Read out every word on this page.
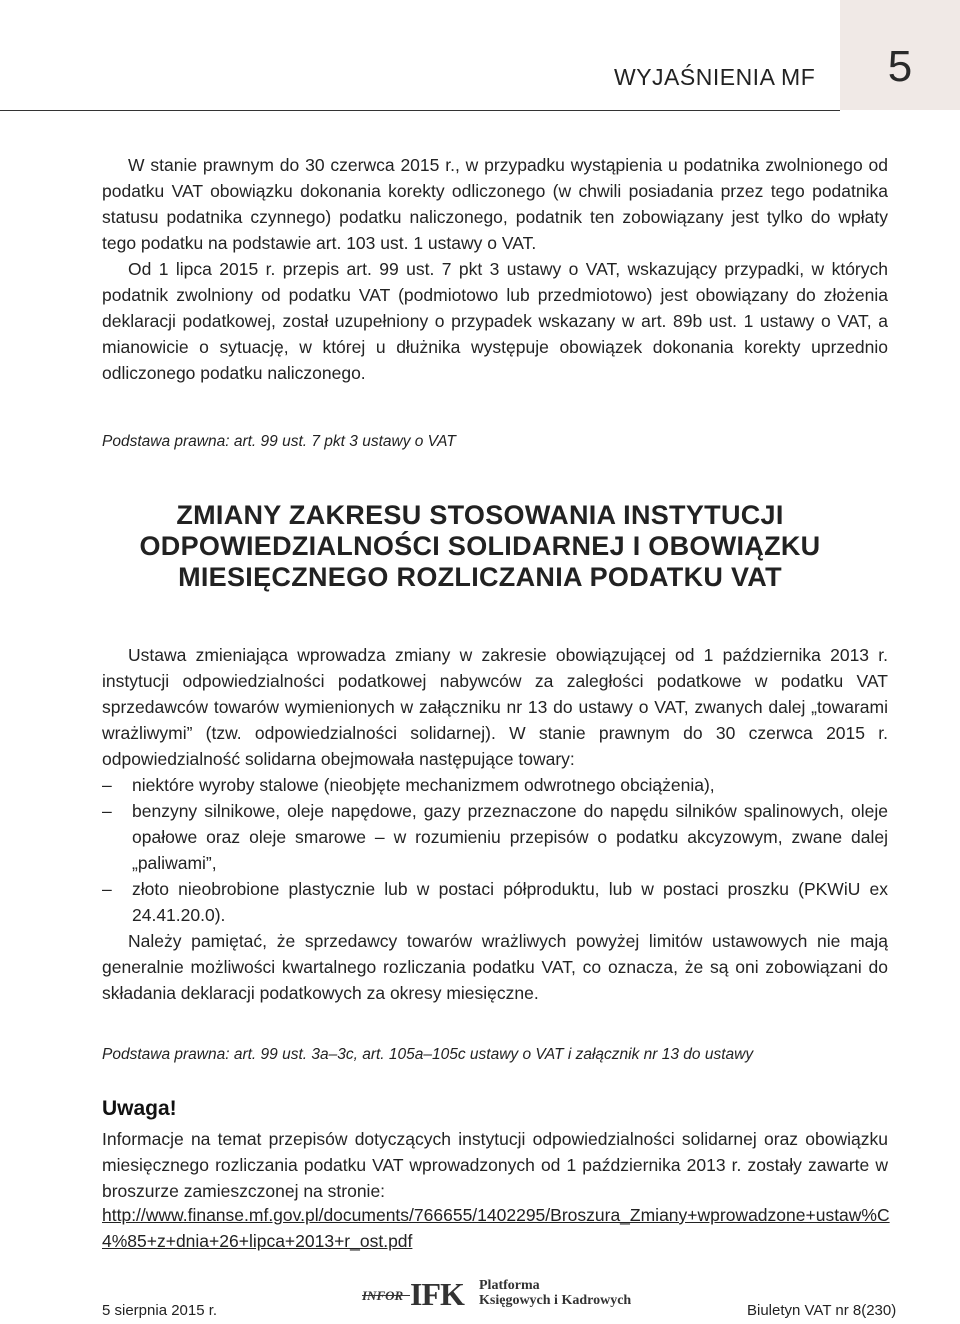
WYJAŚNIENIA MF	5

W stanie prawnym do 30 czerwca 2015 r., w przypadku wystąpienia u podatnika zwolnionego od podatku VAT obowiązku dokonania korekty odliczonego (w chwili posiadania przez tego podatnika statusu podatnika czynnego) podatku naliczonego, podatnik ten zobowiązany jest tylko do wpłaty tego podatku na podstawie art. 103 ust. 1 ustawy o VAT.

Od 1 lipca 2015 r. przepis art. 99 ust. 7 pkt 3 ustawy o VAT, wskazujący przypadki, w których podatnik zwolniony od podatku VAT (podmiotowo lub przedmiotowo) jest obowiązany do złożenia deklaracji podatkowej, został uzupełniony o przypadek wskazany w art. 89b ust. 1 ustawy o VAT, a mianowicie o sytuację, w której u dłużnika występuje obowiązek dokonania korekty uprzednio odliczonego podatku naliczonego.

Podstawa prawna: art. 99 ust. 7 pkt 3 ustawy o VAT
ZMIANY ZAKRESU STOSOWANIA INSTYTUCJI
ODPOWIEDZIALNOŚCI SOLIDARNEJ I OBOWIĄZKU
MIESIĘCZNEGO ROZLICZANIA PODATKU VAT

Ustawa zmieniająca wprowadza zmiany w zakresie obowiązującej od 1 października 2013 r. instytucji odpowiedzialności podatkowej nabywców za zaległości podatkowe w podatku VAT sprzedawców towarów wymienionych w załączniku nr 13 do ustawy o VAT, zwanych dalej „towarami wrażliwymi” (tzw. odpowiedzialności solidarnej). W stanie prawnym do 30 czerwca 2015 r. odpowiedzialność solidarna obejmowała następujące towary:

– niektóre wyroby stalowe (nieobjęte mechanizmem odwrotnego obciążenia),
– benzyny silnikowe, oleje napędowe, gazy przeznaczone do napędu silników spalinowych, oleje opałowe oraz oleje smarowe – w rozumieniu przepisów o podatku akcyzowym, zwane dalej „paliwami”,
– złoto nieobrobione plastycznie lub w postaci półproduktu, lub w postaci proszku (PKWiU ex 24.41.20.0).

Należy pamiętać, że sprzedawcy towarów wrażliwych powyżej limitów ustawowych nie mają generalnie możliwości kwartalnego rozliczania podatku VAT, co oznacza, że są oni zobowiązani do składania deklaracji podatkowych za okresy miesięczne.

Podstawa prawna: art. 99 ust. 3a–3c, art. 105a–105c ustawy o VAT i załącznik nr 13 do ustawy
Uwaga!

Informacje na temat przepisów dotyczących instytucji odpowiedzialności solidarnej oraz obowiązku miesięcznego rozliczania podatku VAT wprowadzonych od 1 października 2013 r. zostały zawarte w broszurze zamieszczonej na stronie:

http://www.finanse.mf.gov.pl/documents/766655/1402295/Broszura_Zmiany+wprowadzone+ustaw%C4%85+z+dnia+26+lipca+2013+r_ost.pdf
INFOR IFK Platforma
Księgowych i Kadrowych
5 sierpnia 2015 r.	Biuletyn VAT nr 8(230)
